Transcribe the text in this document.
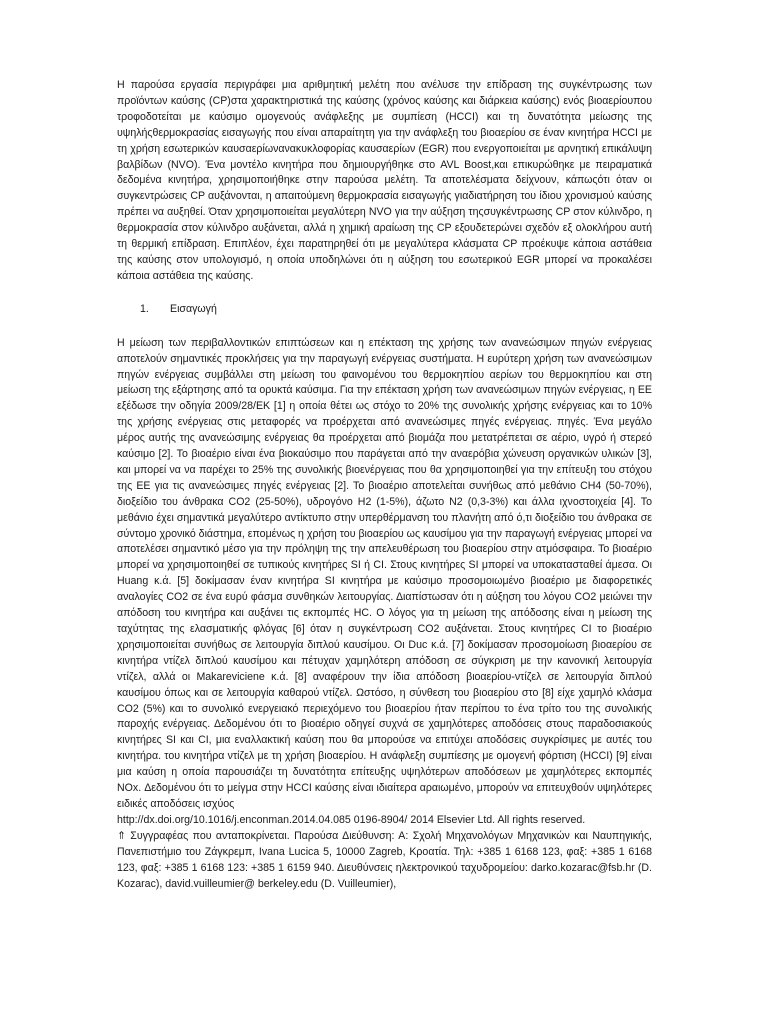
Η παρούσα εργασία περιγράφει μια αριθμητική μελέτη που ανέλυσε την επίδραση της συγκέντρωσης των προϊόντων καύσης (CP)στα χαρακτηριστικά της καύσης (χρόνος καύσης και διάρκεια καύσης) ενός βιοαερίουπου τροφοδοτείται με καύσιμο ομογενούς ανάφλεξης με συμπίεση (HCCI) και τη δυνατότητα μείωσης της υψηλήςθερμοκρασίας εισαγωγής που είναι απαραίτητη για την ανάφλεξη του βιοαερίου σε έναν κινητήρα HCCI με τη χρήση εσωτερικών καυσαερίωνανακυκλοφορίας καυσαερίων (EGR) που ενεργοποιείται με αρνητική επικάλυψη βαλβίδων (NVO). Ένα μοντέλο κινητήρα που δημιουργήθηκε στο AVL Boost,και επικυρώθηκε με πειραματικά δεδομένα κινητήρα, χρησιμοποιήθηκε στην παρούσα μελέτη. Τα αποτελέσματα δείχνουν, κάπωςότι όταν οι συγκεντρώσεις CP αυξάνονται, η απαιτούμενη θερμοκρασία εισαγωγής γιαδιατήρηση του ίδιου χρονισμού καύσης πρέπει να αυξηθεί. Όταν χρησιμοποιείται μεγαλύτερη NVO για την αύξηση τηςσυγκέντρωσης CP στον κύλινδρο, η θερμοκρασία στον κύλινδρο αυξάνεται, αλλά η χημική αραίωση της CP εξουδετερώνει σχεδόν εξ ολοκλήρου αυτή τη θερμική επίδραση. Επιπλέον, έχει παρατηρηθεί ότι με μεγαλύτερα κλάσματα CP προέκυψε κάποια αστάθεια της καύσης στον υπολογισμό, η οποία υποδηλώνει ότι η αύξηση του εσωτερικού EGR μπορεί να προκαλέσει κάποια αστάθεια της καύσης.

1. Εισαγωγή

Η μείωση των περιβαλλοντικών επιπτώσεων και η επέκταση της χρήσης των ανανεώσιμων πηγών ενέργειας αποτελούν σημαντικές προκλήσεις για την παραγωγή ενέργειας συστήματα. Η ευρύτερη χρήση των ανανεώσιμων πηγών ενέργειας συμβάλλει στη μείωση του φαινομένου του θερμοκηπίου αερίων του θερμοκηπίου και στη μείωση της εξάρτησης από τα ορυκτά καύσιμα. Για την επέκταση χρήση των ανανεώσιμων πηγών ενέργειας, η ΕΕ εξέδωσε την οδηγία 2009/28/EK [1] η οποία θέτει ως στόχο το 20% της συνολικής χρήσης ενέργειας και το 10% της χρήσης ενέργειας στις μεταφορές να προέρχεται από ανανεώσιμες πηγές ενέργειας. πηγές. Ένα μεγάλο μέρος αυτής της ανανεώσιμης ενέργειας θα προέρχεται από βιομάζα που μετατρέπεται σε αέριο, υγρό ή στερεό καύσιμο [2]. Το βιοαέριο είναι ένα βιοκαύσιμο που παράγεται από την αναερόβια χώνευση οργανικών υλικών [3], και μπορεί να να παρέχει το 25% της συνολικής βιοενέργειας που θα χρησιμοποιηθεί για την επίτευξη του στόχου της ΕΕ για τις ανανεώσιμες πηγές ενέργειας [2]. Το βιοαέριο αποτελείται συνήθως από μεθάνιο CH4 (50-70%), διοξείδιο του άνθρακα CO2 (25-50%), υδρογόνο H2 (1-5%), άζωτο N2 (0,3-3%) και άλλα ιχνοστοιχεία [4]. Το μεθάνιο έχει σημαντικά μεγαλύτερο αντίκτυπο στην υπερθέρμανση του πλανήτη από ό,τι διοξείδιο του άνθρακα σε σύντομο χρονικό διάστημα, επομένως η χρήση του βιοαερίου ως καυσίμου για την παραγωγή ενέργειας μπορεί να αποτελέσει σημαντικό μέσο για την πρόληψη της την απελευθέρωση του βιοαερίου στην ατμόσφαιρα. Το βιοαέριο μπορεί να χρησιμοποιηθεί σε τυπικούς κινητήρες SI ή CI. Στους κινητήρες SI μπορεί να υποκατασταθεί άμεσα. Οι Huang κ.ά. [5] δοκίμασαν έναν κινητήρα SI κινητήρα με καύσιμο προσομοιωμένο βιοαέριο με διαφορετικές αναλογίες CO2 σε ένα ευρύ φάσμα συνθηκών λειτουργίας. Διαπίστωσαν ότι η αύξηση του λόγου CO2 μειώνει την απόδοση του κινητήρα και αυξάνει τις εκπομπές HC. Ο λόγος για τη μείωση της απόδοσης είναι η μείωση της ταχύτητας της ελασματικής φλόγας [6] όταν η συγκέντρωση CO2 αυξάνεται. Στους κινητήρες CI το βιοαέριο χρησιμοποιείται συνήθως σε λειτουργία διπλού καυσίμου. Οι Duc κ.ά. [7] δοκίμασαν προσομοίωση βιοαερίου σε κινητήρα ντίζελ διπλού καυσίμου και πέτυχαν χαμηλότερη απόδοση σε σύγκριση με την κανονική λειτουργία ντίζελ, αλλά οι Makareviciene κ.ά. [8] αναφέρουν την ίδια απόδοση βιοαερίου-ντίζελ σε λειτουργία διπλού καυσίμου όπως και σε λειτουργία καθαρού ντίζελ. Ωστόσο, η σύνθεση του βιοαερίου στο [8] είχε χαμηλό κλάσμα CO2 (5%) και το συνολικό ενεργειακό περιεχόμενο του βιοαερίου ήταν περίπου το ένα τρίτο του της συνολικής παροχής ενέργειας. Δεδομένου ότι το βιοαέριο οδηγεί συχνά σε χαμηλότερες αποδόσεις στους παραδοσιακούς κινητήρες SI και CI, μια εναλλακτική καύση που θα μπορούσε να επιτύχει αποδόσεις συγκρίσιμες με αυτές του κινητήρα. του κινητήρα ντίζελ με τη χρήση βιοαερίου. Η ανάφλεξη συμπίεσης με ομογενή φόρτιση (HCCI) [9] είναι μια καύση η οποία παρουσιάζει τη δυνατότητα επίτευξης υψηλότερων αποδόσεων με χαμηλότερες εκπομπές NOx. Δεδομένου ότι το μείγμα στην HCCI καύσης είναι ιδιαίτερα αραιωμένο, μπορούν να επιτευχθούν υψηλότερες ειδικές αποδόσεις ισχύος

http://dx.doi.org/10.1016/j.enconman.2014.04.085 0196-8904/ 2014 Elsevier Ltd. All rights reserved.

⇑ Συγγραφέας που ανταποκρίνεται. Παρούσα Διεύθυνση: Α: Σχολή Μηχανολόγων Μηχανικών και Ναυπηγικής, Πανεπιστήμιο του Ζάγκρεμπ, Ivana Lucica 5, 10000 Zagreb, Κροατία. Τηλ: +385 1 6168 123, φαξ: +385 1 6168 123, φαξ: +385 1 6168 123: +385 1 6159 940. Διευθύνσεις ηλεκτρονικού ταχυδρομείου: darko.kozarac@fsb.hr (D. Kozarac), david.vuilleumier@ berkeley.edu (D. Vuilleumier),
